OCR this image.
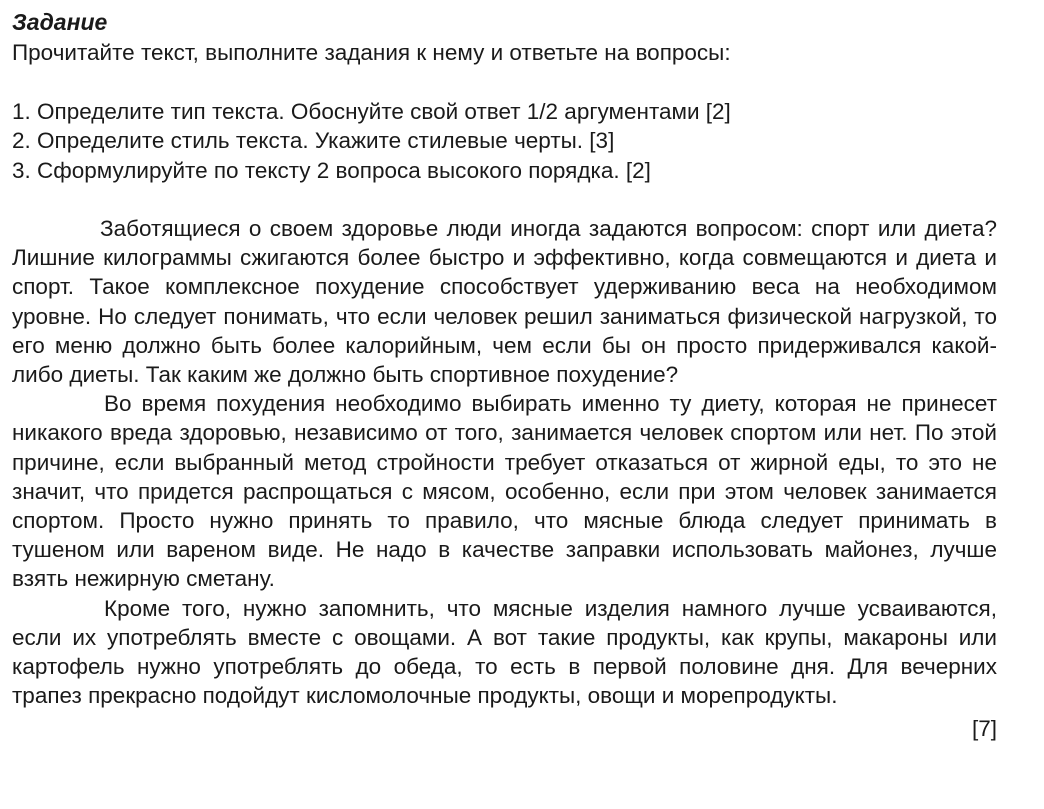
Задание

Прочитайте текст, выполните задания к нему и ответьте на вопросы:

1. Определите тип текста. Обоснуйте свой ответ 1/2 аргументами [2]

2. Определите стиль текста. Укажите стилевые черты. [3]

3. Сформулируйте по тексту 2 вопроса высокого порядка. [2]

Заботящиеся о своем здоровье люди иногда задаются вопросом: спорт или диета? Лишние килограммы сжигаются более быстро и эффективно, когда совмещаются и диета и спорт. Такое комплексное похудение способствует удерживанию веса на необходимом уровне. Но следует понимать, что если человек решил заниматься физической нагрузкой, то его меню должно быть более калорийным, чем если бы он просто придерживался какой-либо диеты. Так каким же должно быть спортивное похудение?

Во время похудения необходимо выбирать именно ту диету, которая не принесет никакого вреда здоровью, независимо от того, занимается человек спортом или нет. По этой причине, если выбранный метод стройности требует отказаться от жирной еды, то это не значит, что придется распрощаться с мясом, особенно, если при этом человек занимается спортом. Просто нужно принять то правило, что мясные блюда следует принимать в тушеном или вареном виде. Не надо в качестве заправки использовать майонез, лучше взять нежирную сметану.

Кроме того, нужно запомнить, что мясные изделия намного лучше усваиваются, если их употреблять вместе с овощами. А вот такие продукты, как крупы, макароны или картофель нужно употреблять до обеда, то есть в первой половине дня. Для вечерних трапез прекрасно подойдут кисломолочные продукты, овощи и морепродукты.

[7]
